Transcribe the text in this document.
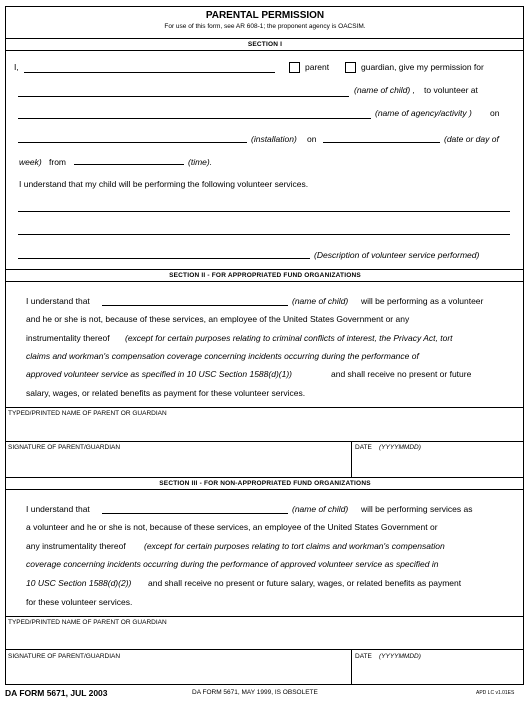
PARENTAL PERMISSION
For use of this form, see AR 608-1; the proponent agency is OACSIM.
SECTION I
I,	parent	guardian, give my permission for
(name of child) , to volunteer at
(name of agency/activity ) on
(installation) on	(date or day of
week) from	(time).
I understand that my child will be performing the following volunteer services.
(Description of volunteer service performed)
SECTION II - FOR APPROPRIATED FUND ORGANIZATIONS
I understand that	(name of child) will be performing as a volunteer
and he or she is not, because of these services, an employee of the United States Government or any
instrumentality thereof (except for certain purposes relating to criminal conflicts of interest, the Privacy Act, tort
claims and workman's compensation coverage concerning incidents occurring during the performance of
approved volunteer service as specified in 10 USC Section 1588(d)(1))	and shall receive no present or future
salary, wages, or related benefits as payment for these volunteer services.
TYPED/PRINTED NAME OF PARENT OR GUARDIAN
SIGNATURE OF PARENT/GUARDIAN	DATE (YYYYMMDD)
SECTION III - FOR NON-APPROPRIATED FUND ORGANIZATIONS
I understand that	(name of child) will be performing services as
a volunteer and he or she is not, because of these services, an employee of the United States Government or
any instrumentality thereof (except for certain purposes relating to tort claims and workman's compensation
coverage concerning incidents occurring during the performance of approved volunteer service as specified in
10 USC Section 1588(d)(2)) and shall receive no present or future salary, wages, or related benefits as payment
for these volunteer services.
TYPED/PRINTED NAME OF PARENT OR GUARDIAN
SIGNATURE OF PARENT/GUARDIAN	DATE (YYYYMMDD)
DA FORM 5671, JUL 2003	DA FORM 5671, MAY 1999, IS OBSOLETE	APD LC v1.01ES
